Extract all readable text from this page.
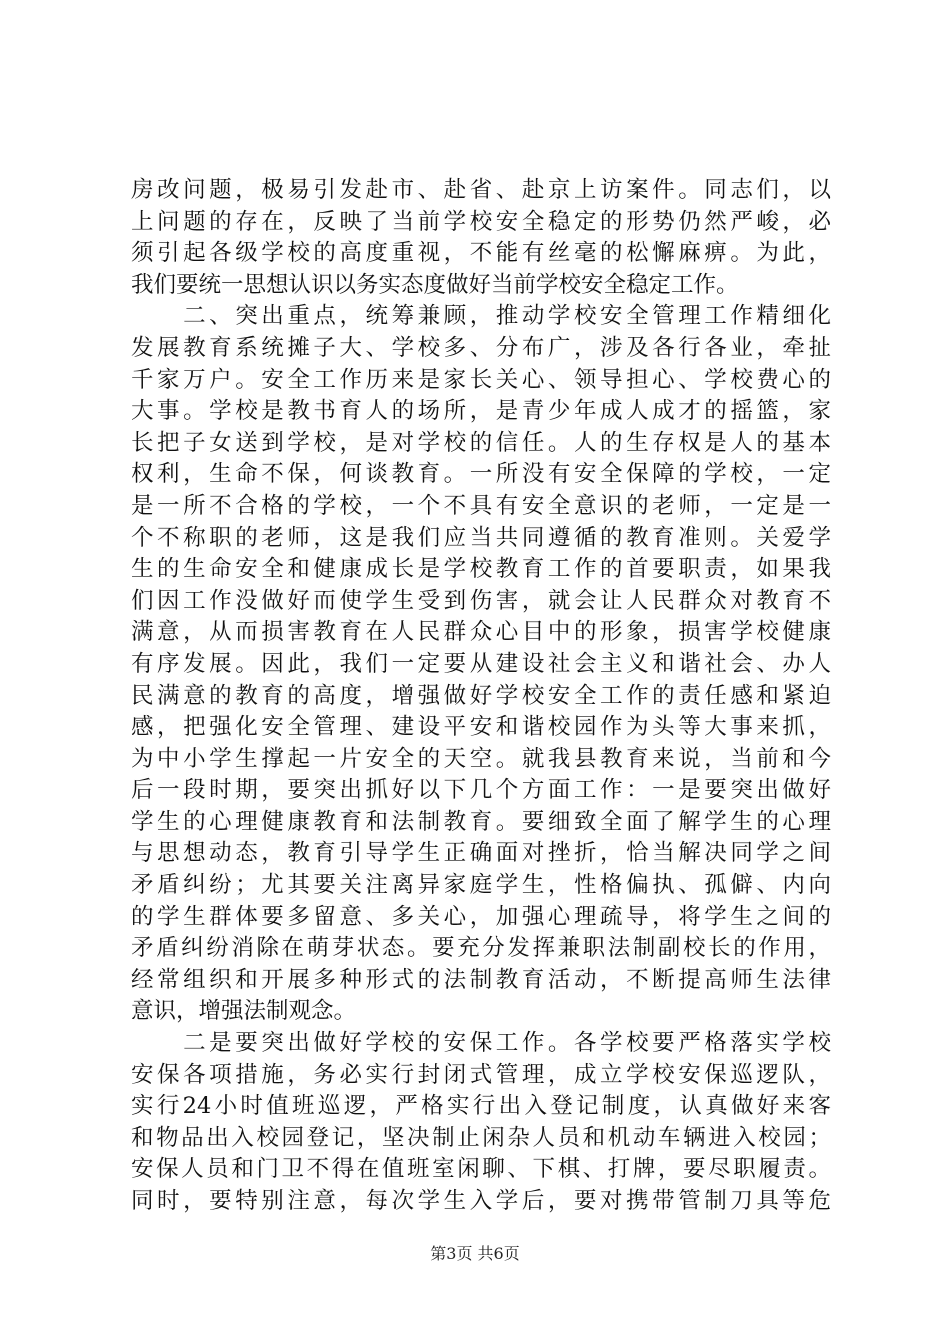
房改问题，极易引发赴市、赴省、赴京上访案件。同志们，以
上问题的存在，反映了当前学校安全稳定的形势仍然严峻，必
须引起各级学校的高度重视，不能有丝毫的松懈麻痹。为此，
我们要统一思想认识以务实态度做好当前学校安全稳定工作。
　　二、突出重点，统筹兼顾，推动学校安全管理工作精细化
发展教育系统摊子大、学校多、分布广，涉及各行各业，牵扯
千家万户。安全工作历来是家长关心、领导担心、学校费心的
大事。学校是教书育人的场所，是青少年成人成才的摇篮，家
长把子女送到学校，是对学校的信任。人的生存权是人的基本
权利，生命不保，何谈教育。一所没有安全保障的学校，一定
是一所不合格的学校，一个不具有安全意识的老师，一定是一
个不称职的老师，这是我们应当共同遵循的教育准则。关爱学
生的生命安全和健康成长是学校教育工作的首要职责，如果我
们因工作没做好而使学生受到伤害，就会让人民群众对教育不
满意，从而损害教育在人民群众心目中的形象，损害学校健康
有序发展。因此，我们一定要从建设社会主义和谐社会、办人
民满意的教育的高度，增强做好学校安全工作的责任感和紧迫
感，把强化安全管理、建设平安和谐校园作为头等大事来抓，
为中小学生撑起一片安全的天空。就我县教育来说，当前和今
后一段时期，要突出抓好以下几个方面工作：一是要突出做好
学生的心理健康教育和法制教育。要细致全面了解学生的心理
与思想动态，教育引导学生正确面对挫折，恰当解决同学之间
矛盾纠纷；尤其要关注离异家庭学生，性格偏执、孤僻、内向
的学生群体要多留意、多关心，加强心理疏导，将学生之间的
矛盾纠纷消除在萌芽状态。要充分发挥兼职法制副校长的作用，
经常组织和开展多种形式的法制教育活动，不断提高师生法律
意识，增强法制观念。
　　二是要突出做好学校的安保工作。各学校要严格落实学校
安保各项措施，务必实行封闭式管理，成立学校安保巡逻队，
实行24小时值班巡逻，严格实行出入登记制度，认真做好来客
和物品出入校园登记，坚决制止闲杂人员和机动车辆进入校园；
安保人员和门卫不得在值班室闲聊、下棋、打牌，要尽职履责。
同时，要特别注意，每次学生入学后，要对携带管制刀具等危
第3页 共6页
